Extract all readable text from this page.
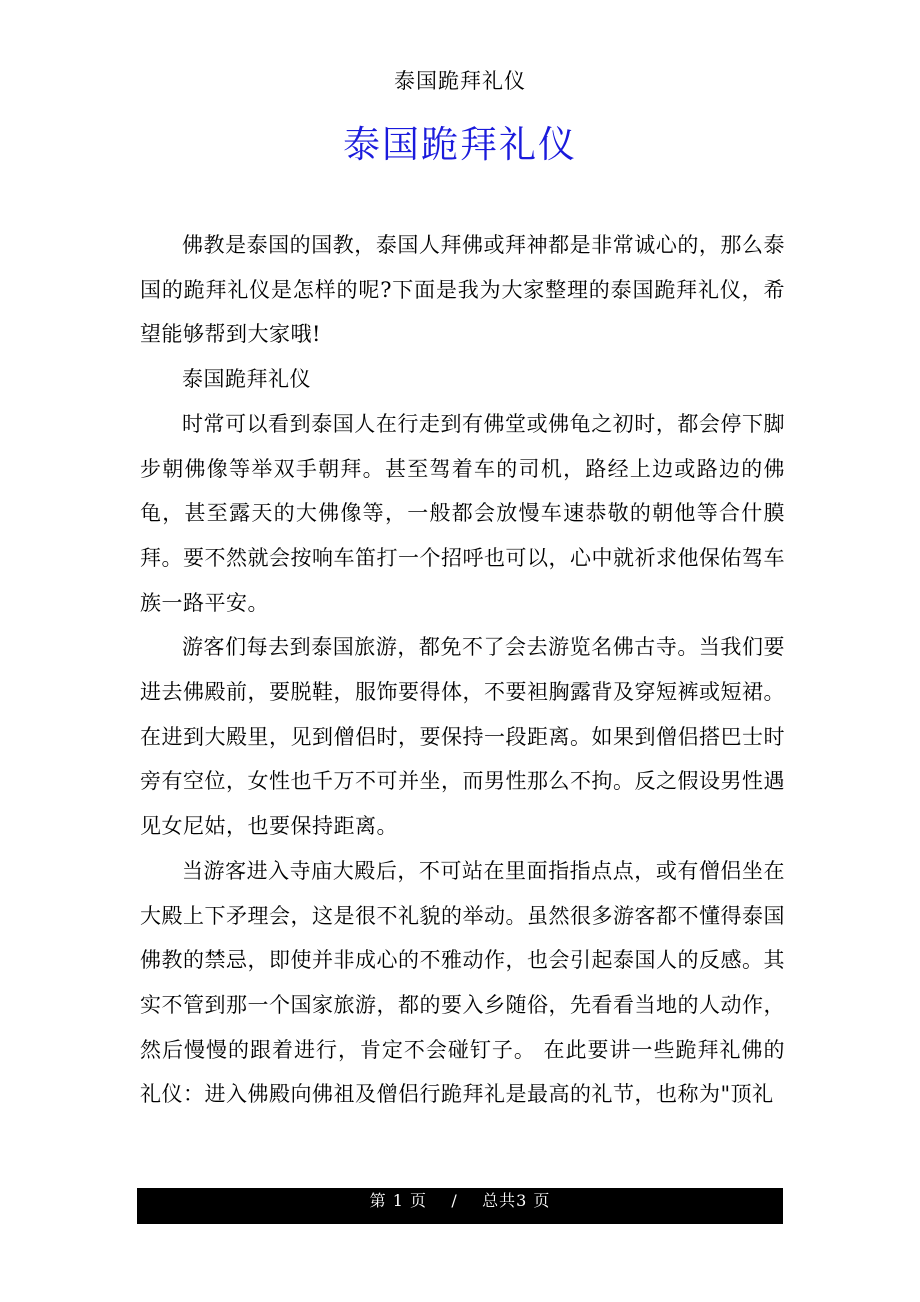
泰国跪拜礼仪
泰国跪拜礼仪

佛教是泰国的国教，泰国人拜佛或拜神都是非常诚心的，那么泰国的跪拜礼仪是怎样的呢?下面是我为大家整理的泰国跪拜礼仪，希望能够帮到大家哦!

泰国跪拜礼仪

时常可以看到泰国人在行走到有佛堂或佛龟之初时，都会停下脚步朝佛像等举双手朝拜。甚至驾着车的司机，路经上边或路边的佛龟，甚至露天的大佛像等，一般都会放慢车速恭敬的朝他等合什膜拜。要不然就会按响车笛打一个招呼也可以，心中就祈求他保佑驾车族一路平安。

游客们每去到泰国旅游，都免不了会去游览名佛古寺。当我们要进去佛殿前，要脱鞋，服饰要得体，不要袒胸露背及穿短裤或短裙。在进到大殿里，见到僧侣时，要保持一段距离。如果到僧侣搭巴士时旁有空位，女性也千万不可并坐，而男性那么不拘。反之假设男性遇见女尼姑，也要保持距离。

当游客进入寺庙大殿后，不可站在里面指指点点，或有僧侣坐在大殿上下矛理会，这是很不礼貌的举动。虽然很多游客都不懂得泰国佛教的禁忌，即使并非成心的不雅动作，也会引起泰国人的反感。其实不管到那一个国家旅游，都的要入乡随俗，先看看当地的人动作，然后慢慢的跟着进行，肯定不会碰钉子。 在此要讲一些跪拜礼佛的礼仪：进入佛殿向佛祖及僧侣行跪拜礼是最高的礼节，也称为"顶礼

第 1 页 / 总共3 页
